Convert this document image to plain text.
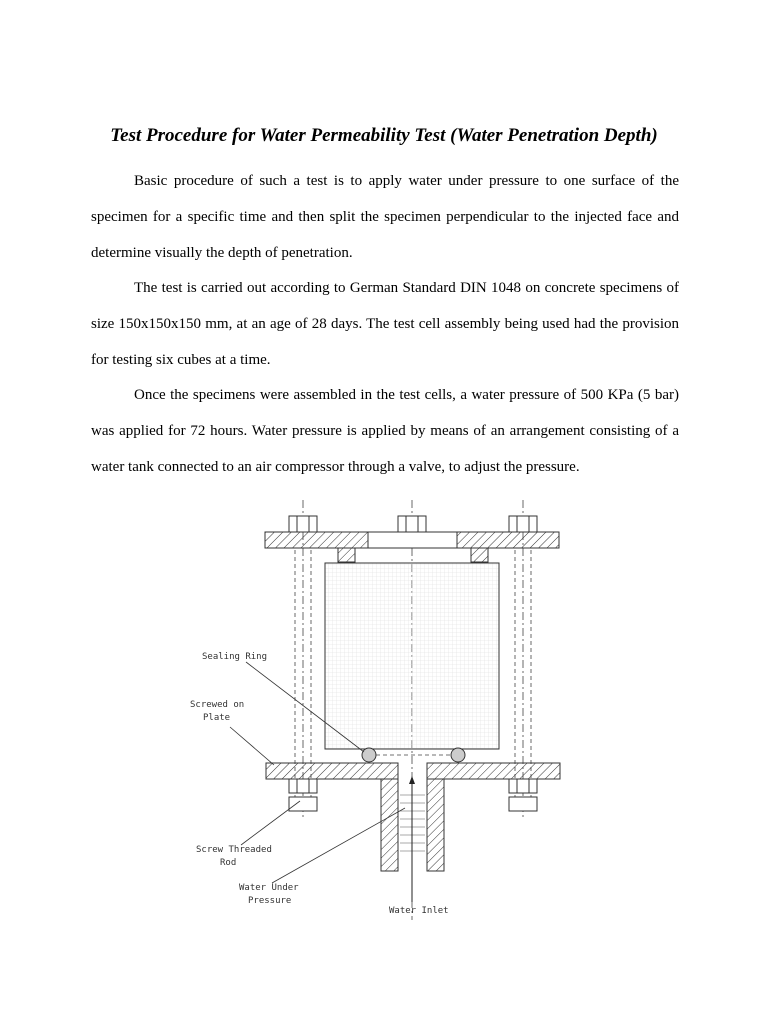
Test Procedure for Water Permeability Test (Water Penetration Depth)

Basic procedure of such a test is to apply water under pressure to one surface of the specimen for a specific time and then split the specimen perpendicular to the injected face and determine visually the depth of penetration.

The test is carried out according to German Standard DIN 1048 on concrete specimens of size 150x150x150 mm, at an age of 28 days. The test cell assembly being used had the provision for testing six cubes at a time.

Once the specimens were assembled in the test cells, a water pressure of 500 KPa (5 bar) was applied for 72 hours. Water pressure is applied by means of an arrangement consisting of a water tank connected to an air compressor through a valve, to adjust the pressure.

Sealing Ring
Screwed on
Plate
Screw Threaded
Rod
Water Under
Pressure
Water Inlet
